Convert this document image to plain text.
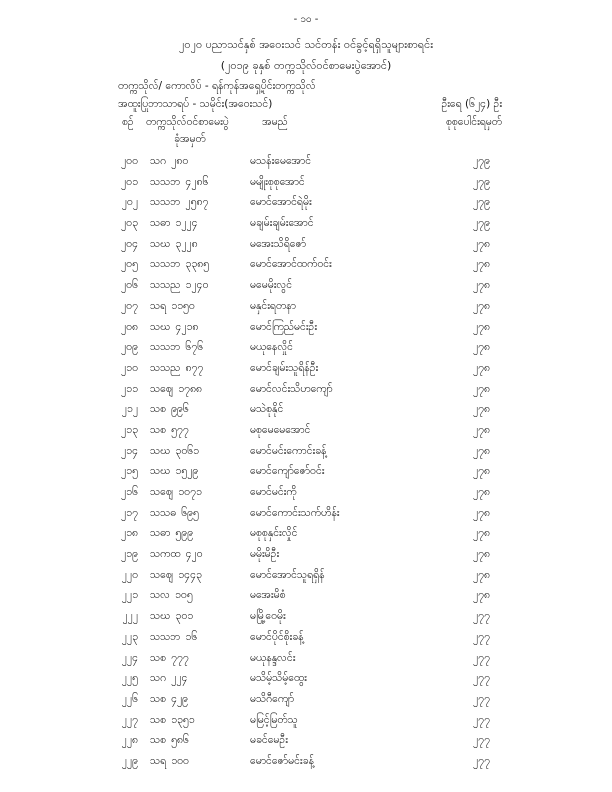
- ၁၀ -
၂၀၂၀ ပညာသင်နှစ် အဝေးသင် သင်တန်း ဝင်ခွင့်ရရှိသူများစာရင်း
(၂၀၁၉ ခုနှစ် တက္ကသိုလ်ဝင်စာမေးပွဲအောင်)
တက္ကသိုလ်/ ကောလိပ် - ရန်ကုန်အရှေ့ပိုင်းတက္ကသိုလ်
အထူးပြုဘာသာရပ် - သမိုင်း(အဝေးသင်)	ဦးရေ (၆၂၄) ဦး
စဉ် တက္ကသိုလ်ဝင်စာမေးပွဲ
ခုံအမှတ်
အမည်	စုစုပေါင်းရမှတ်
၂၀၀ သဂ ၂၈၀	မသန်းမေအောင်	၂၇၉
၂၀၁ သသဘ ၄၂၈၆	မမျိုးစုစုအောင်	၂၇၉
၂၀၂ သသဘ ၂၅၈၇	မောင်အောင်ရဲမိုး	၂၇၉
၂၀၃ သဓာ ၁၂၂၄	မချမ်းချမ်းအောင်	၂၇၉
၂၀၄ သဃ ၃၂၂၈	မအေးသိရိဇော်	၂၇၈
၂၀၅ သသဘ ၃၃၈၅	မောင်အောင်ထက်ဝင်း	၂၇၈
၂၀၆ သသည ၁၂၄၀	မမေမိုးလွင်	၂၇၈
၂၀၇ သရ ၁၁၅၀	မနှင်းရတနာ	၂၇၈
၂၀၈ သဃ ၄၂၁၈	မောင်ကြည်မင်းဦး	၂၇၈
၂၀၉ သသဘ ၆၇၆	မယုနေလှိုင်	၂၇၈
၂၁၀ သသည ၈၇၇	မောင်ချမ်းသူရိန်ဦး	၂၇၈
၂၁၁ သဈေ ၁၇၈၈	မောင်လင်းသိဟကျော်	၂၇၈
၂၁၂ သစ ၉၉၆	မသဲစုနိုင်	၂၇၈
၂၁၃ သစ ၅၇၇	မစုမေမေအောင်	၂၇၈
၂၁၄ သဃ ၃၀၆၁	မောင်မင်းကောင်းခန့်	၂၇၈
၂၁၅ သဃ ၁၅၂၉	မောင်ကျော်ဇော်ဝင်း	၂၇၈
၂၁၆ သဈေ ၁၀၇၁	မောင်မင်းကို	၂၇၈
၂၁၇ သသဓ ၆၉၅	မောင်ကောင်းသက်ဟိန်း	၂၇၈
၂၁၈ သဓာ ၅၉၉	မစုစုနှင်းလှိုင်	၂၇၈
၂၁၉ သကထ ၄၂၀	မမိုးမိဦး	၂၇၈
၂၂၀ သဈေ ၁၄၄၃	မောင်အောင်သူရရှိန်	၂၇၈
၂၂၁ သလ ၁၀၅	မအေးမိစံ	၂၇၈
၂၂၂ သဃ ၃၀၁	မမြို့ဝေမိုး	၂၇၇
၂၂၃ သသဘ ၁၆	မောင်ပိုင်စိုးခန့်	၂၇၇
၂၂၄ သစ ၇၇၇	မယုနန္ဒလင်း	၂၇၇
၂၂၅ သဂ ၂၂၄	မသိမ့်သိမ့်ထွေး	၂၇၇
၂၂၆ သစ ၄၂၉	မသိဂီကျော်	၂၇၇
၂၂၇ သစ ၁၃၅၁	မမြင့်မြတ်သူ	၂၇၇
၂၂၈ သစ ၅၈၆	မခင်မေဦး	၂၇၇
၂၂၉ သရ ၁၀၀	မောင်ဇော်မင်းခန့်	၂၇၇
